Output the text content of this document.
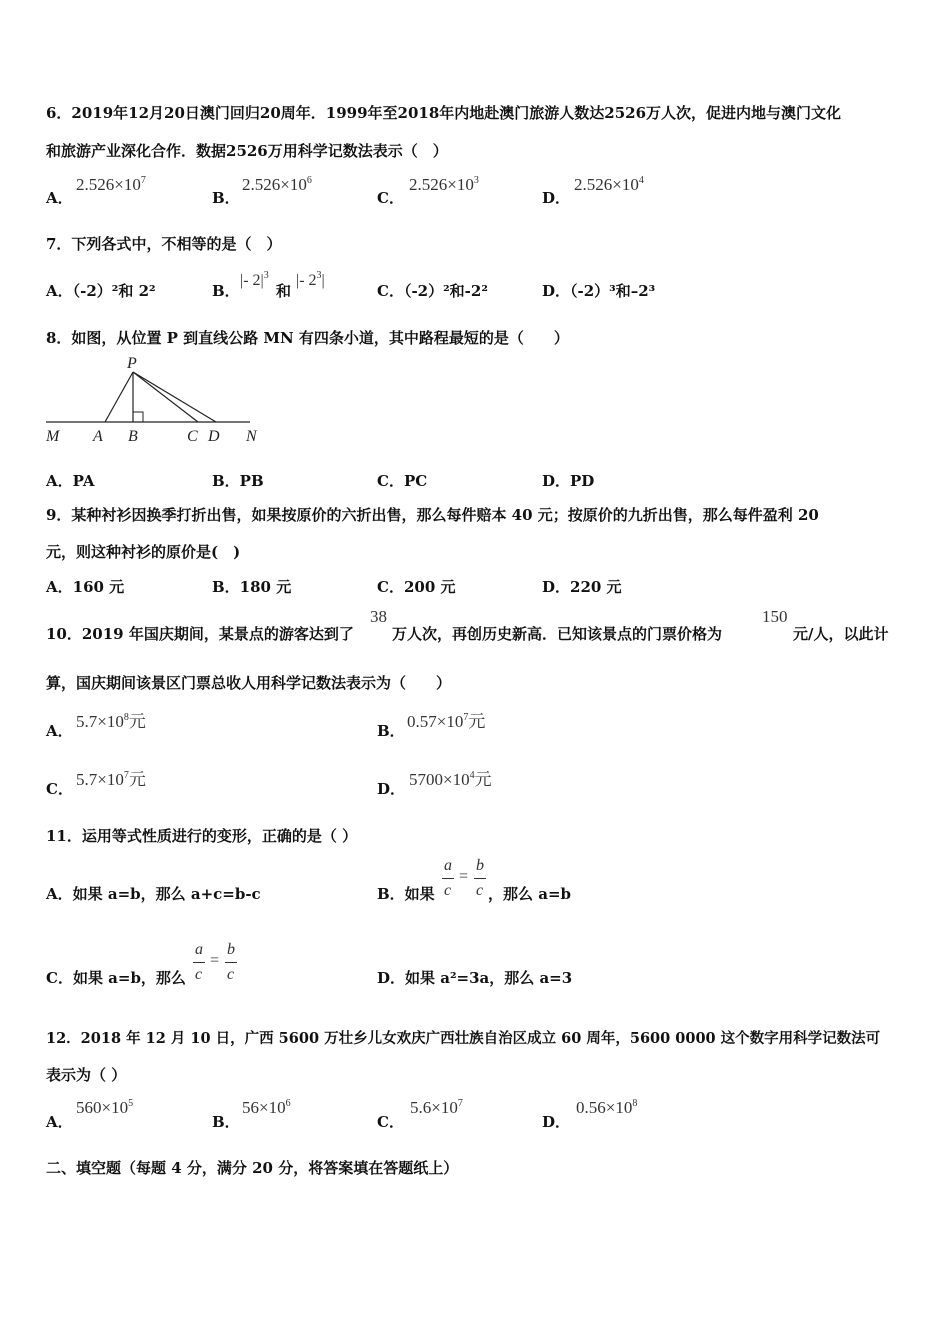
6．2019年12月20日澳门回归20周年．1999年至2018年内地赴澳门旅游人数达2526万人次，促进内地与澳门文化
和旅游产业深化合作．数据2526万用科学记数法表示（　）
A．
$2.526\times 10^7$
B．
$2.526\times 10^6$
C．
$2.526\times 10^3$
D．
$2.526\times 10^4$
7．下列各式中，不相等的是（　）
A．（-2）²和 2²	B．
|- $2|^3$
和
|- $2^3|$
C．（-2）²和-2²	D．（-2）³和–2³
8．如图，从位置 P 到直线公路 MN 有四条小道，其中路程最短的是（　　）
P
M A B	C D N
A．PA	B．PB	C．PC	D．PD
9．某种衬衫因换季打折出售，如果按原价的六折出售，那么每件赔本 40 元；按原价的九折出售，那么每件盈利 20
元，则这种衬衫的原价是(　)
A．160 元	B．180 元	C．200 元	D．220 元
10．2019 年国庆期间，某景点的游客达到了
38
万人次，再创历史新高．已知该景点的门票价格为
150
元/人，以此计
算，国庆期间该景区门票总收人用科学记数法表示为（　　）
A． $5.7\times 10^8$元	B． $0.57\times 10^7$元
C． $5.7\times 10^7$元	D． $5700\times 10^4$元
11．运用等式性质进行的变形，正确的是（ ）
A．如果 a=b，那么 a+c=b-c	B．如果
a
c
=
b
c ，那么 a=b
C．如果 a=b，那么
a
c
=
b
c	D．如果 a²=3a，那么 a=3
12．2018 年 12 月 10 日，广西 5600 万壮乡儿女欢庆广西壮族自治区成立 60 周年，5600 0000 这个数字用科学记数法可
表示为（ ）
A．
$560\times 10^5$
B．
$56\times 10^6$
C．
$5.6\times 10^7$
D．
$0.56\times 10^8$
二、填空题（每题 4 分，满分 20 分，将答案填在答题纸上）
